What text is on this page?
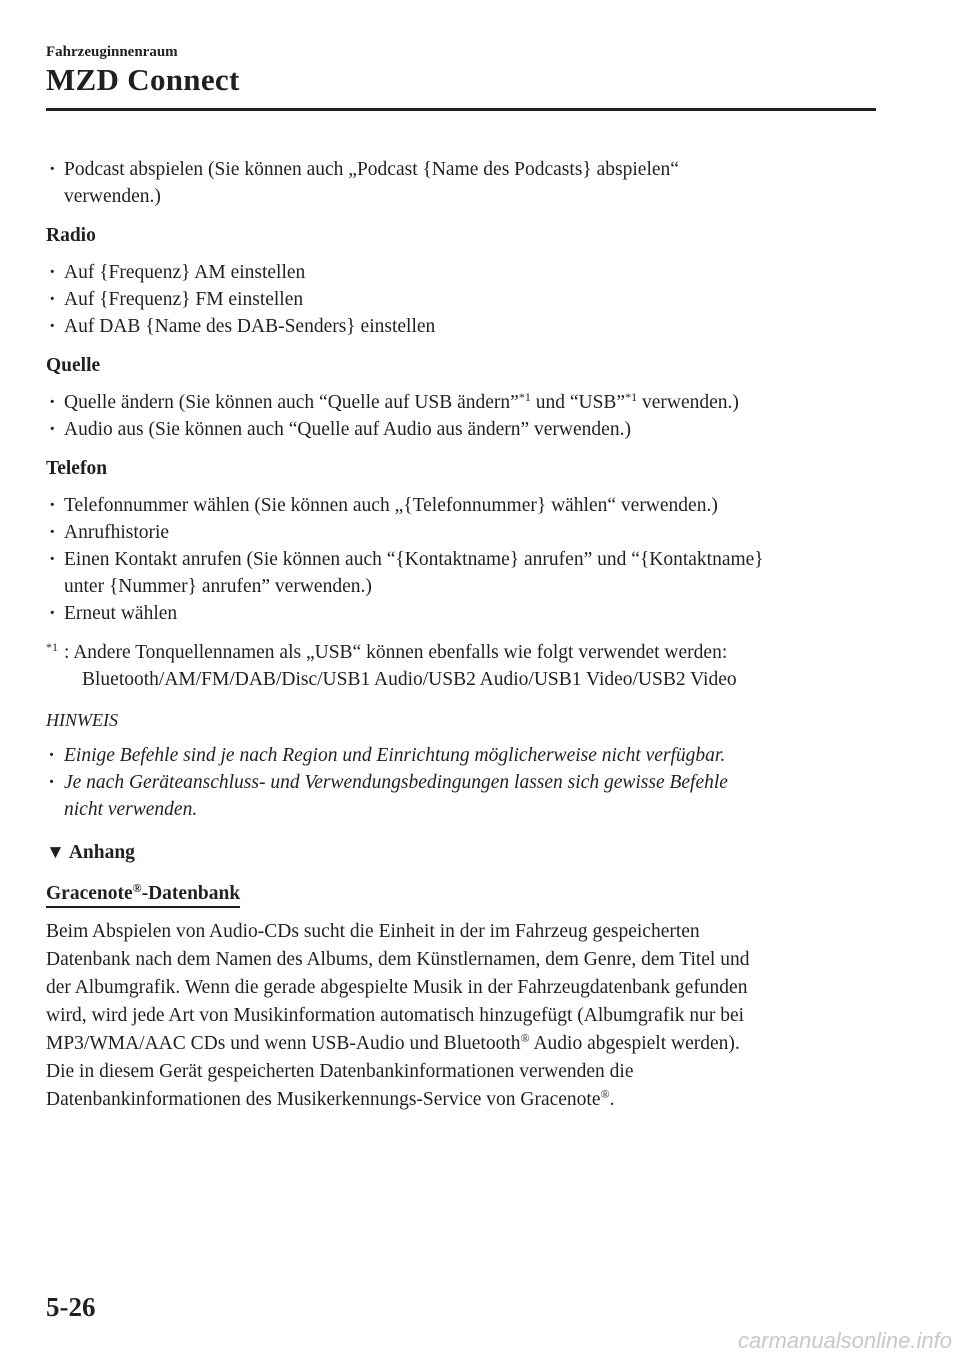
Fahrzeuginnenraum
MZD Connect
· Podcast abspielen (Sie können auch „Podcast {Name des Podcasts} abspielen“
verwenden.)
Radio
· Auf {Frequenz} AM einstellen
· Auf {Frequenz} FM einstellen
· Auf DAB {Name des DAB-Senders} einstellen
Quelle
· Quelle ändern (Sie können auch “Quelle auf USB ändern”$^{*1}$ und “USB”$^{*1}$ verwenden.)
· Audio aus (Sie können auch “Quelle auf Audio aus ändern” verwenden.)
Telefon
· Telefonnummer wählen (Sie können auch „{Telefonnummer} wählen“ verwenden.)
· Anrufhistorie
· Einen Kontakt anrufen (Sie können auch “{Kontaktname} anrufen” und “{Kontaktname}
unter {Nummer} anrufen” verwenden.)
· Erneut wählen
$^{*1}$ : Andere Tonquellennamen als „USB“ können ebenfalls wie folgt verwendet werden:
Bluetooth/AM/FM/DAB/Disc/USB1 Audio/USB2 Audio/USB1 Video/USB2 Video
HINWEIS
· Einige Befehle sind je nach Region und Einrichtung möglicherweise nicht verfügbar.
· Je nach Geräteanschluss- und Verwendungsbedingungen lassen sich gewisse Befehle
nicht verwenden.
▼ Anhang
Gracenote®-Datenbank
Beim Abspielen von Audio-CDs sucht die Einheit in der im Fahrzeug gespeicherten
Datenbank nach dem Namen des Albums, dem Künstlernamen, dem Genre, dem Titel und
der Albumgrafik. Wenn die gerade abgespielte Musik in der Fahrzeugdatenbank gefunden
wird, wird jede Art von Musikinformation automatisch hinzugefügt (Albumgrafik nur bei
MP3/WMA/AAC CDs und wenn USB-Audio und Bluetooth® Audio abgespielt werden).
Die in diesem Gerät gespeicherten Datenbankinformationen verwenden die
Datenbankinformationen des Musikerkennungs-Service von Gracenote®.
5-26
carmanualsonline.info
